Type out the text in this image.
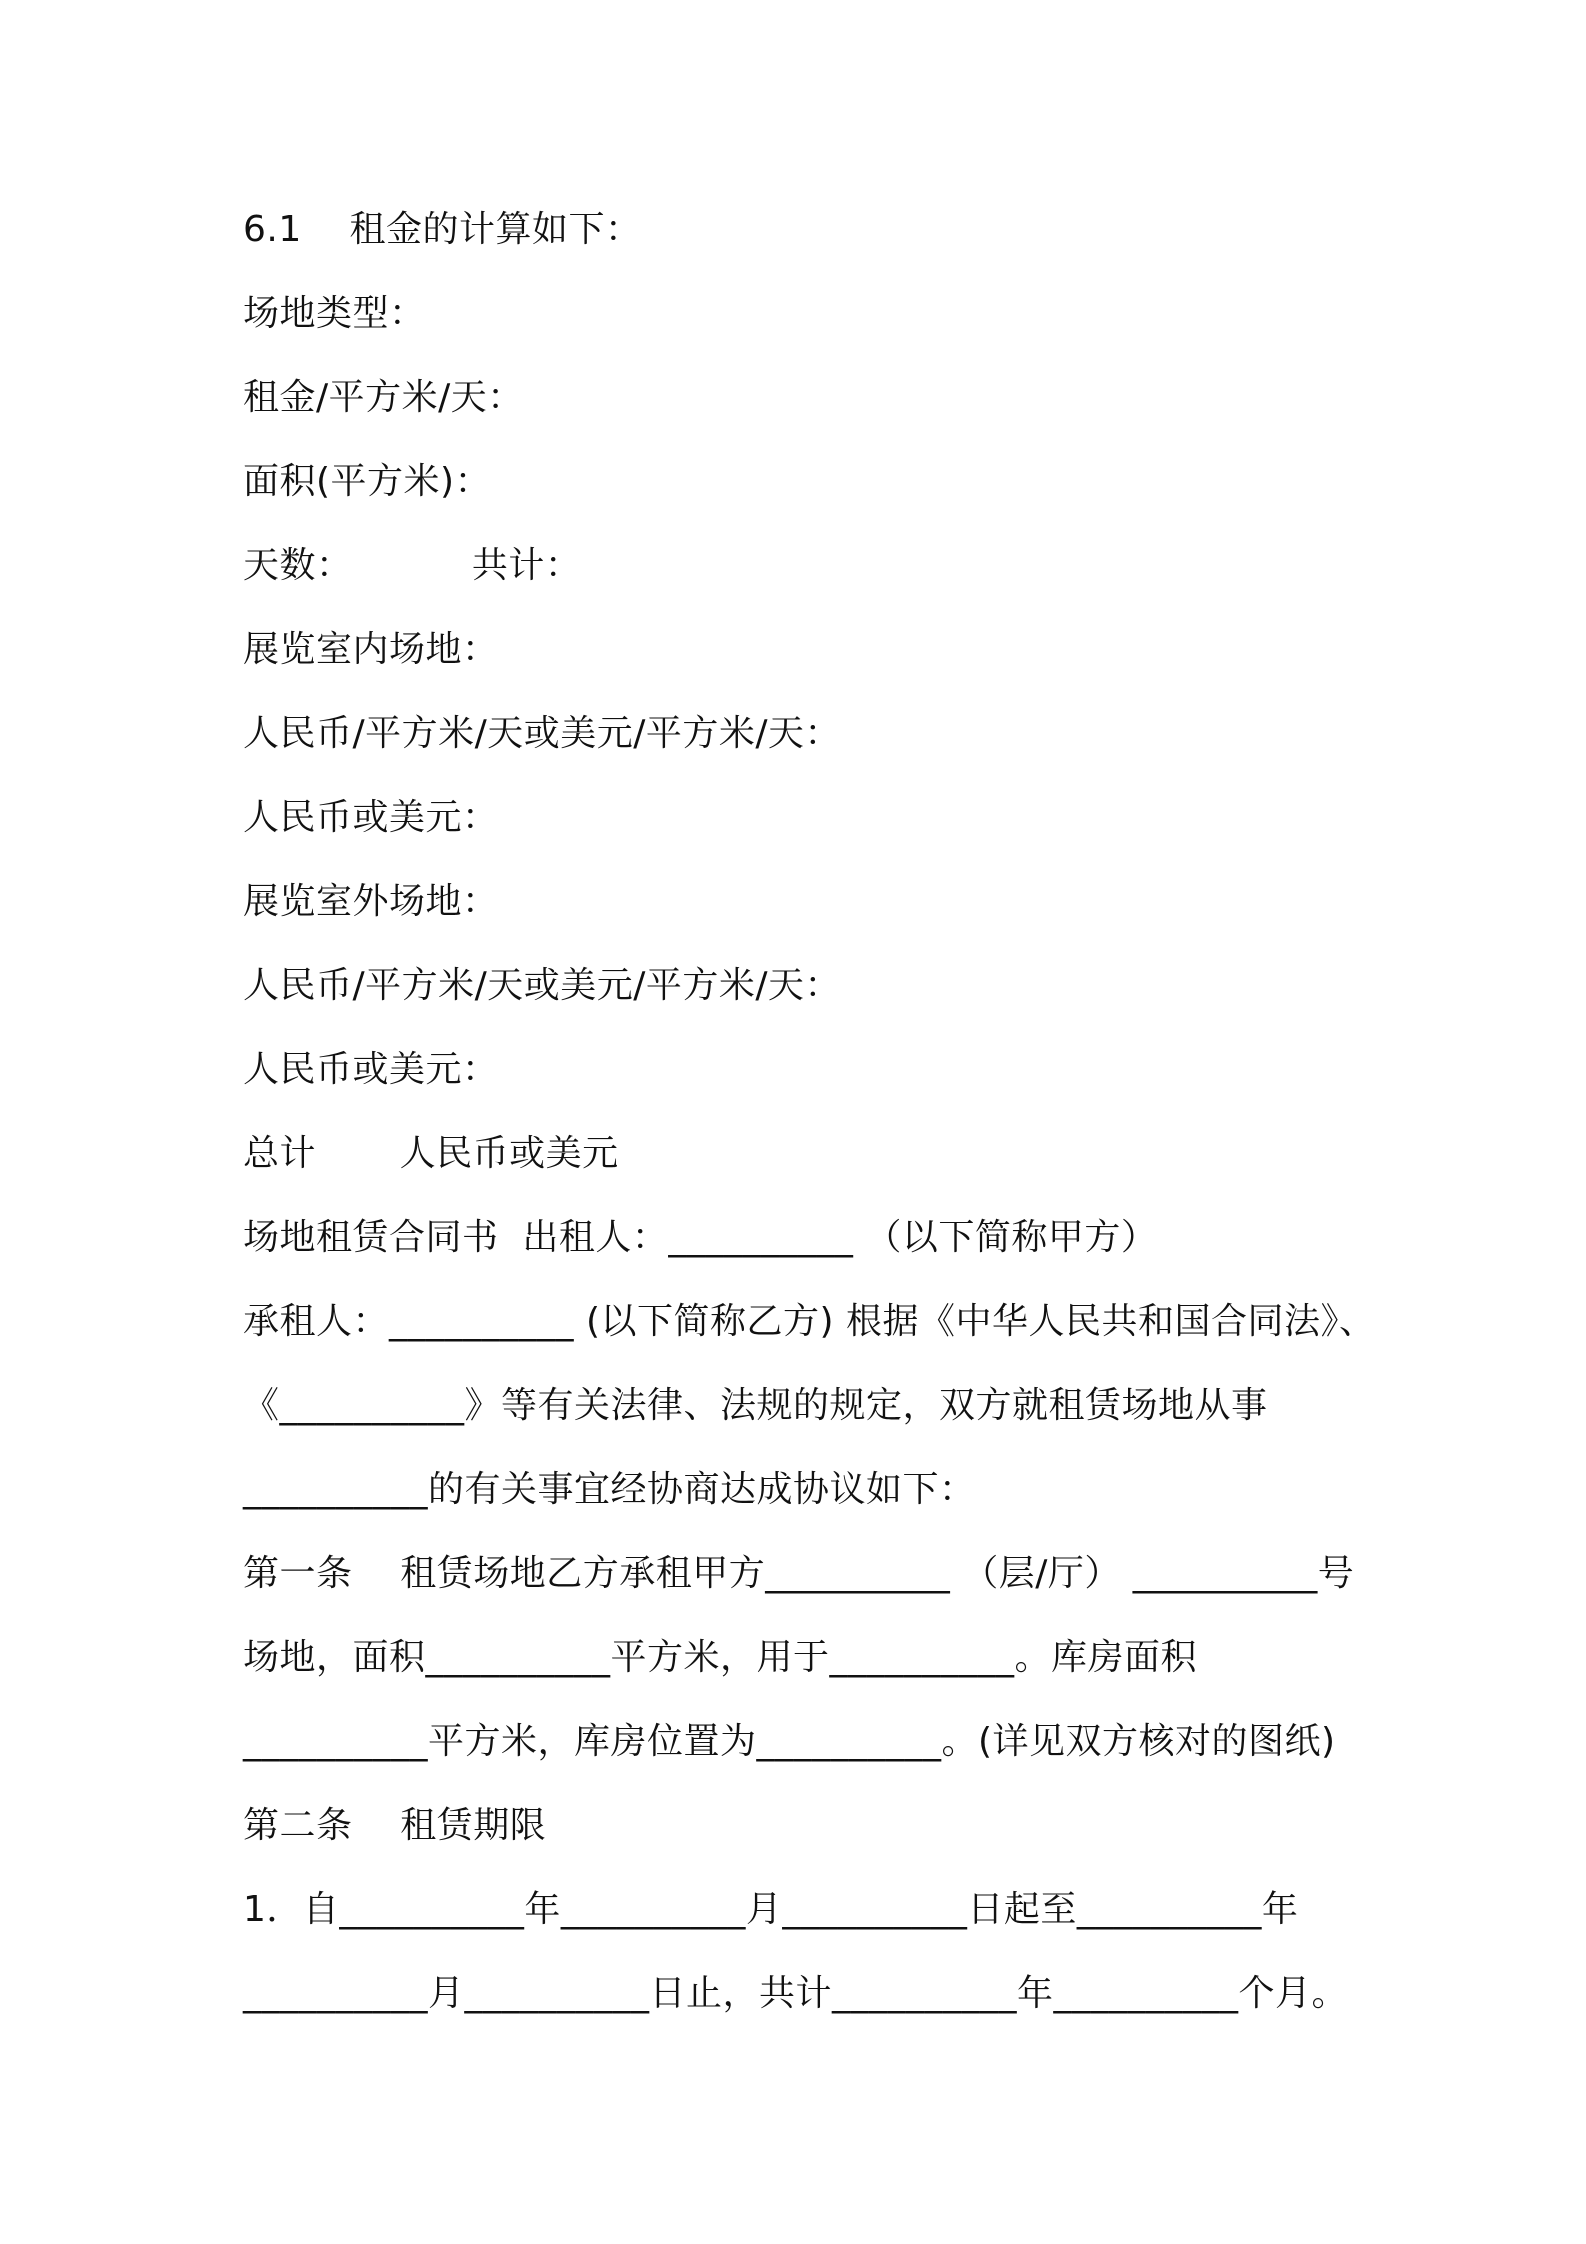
6.1    租金的计算如下：
场地类型：
租金/平方米/天：
面积(平方米)：
天数：          共计：
展览室内场地：
人民币/平方米/天或美元/平方米/天：
人民币或美元：
展览室外场地：
人民币/平方米/天或美元/平方米/天：
人民币或美元：
总计       人民币或美元
场地租赁合同书  出租人：__________ （以下简称甲方）
承租人：__________ (以下简称乙方) 根据《中华人民共和国合同法》、
《__________》等有关法律、法规的规定，双方就租赁场地从事
__________的有关事宜经协商达成协议如下：
第一条    租赁场地乙方承租甲方__________ （层/厅） __________号
场地，面积__________平方米，用于__________。库房面积
__________平方米，库房位置为__________。(详见双方核对的图纸)
第二条    租赁期限
1．自__________年__________月__________日起至__________年
__________月__________日止，共计__________年__________个月。
